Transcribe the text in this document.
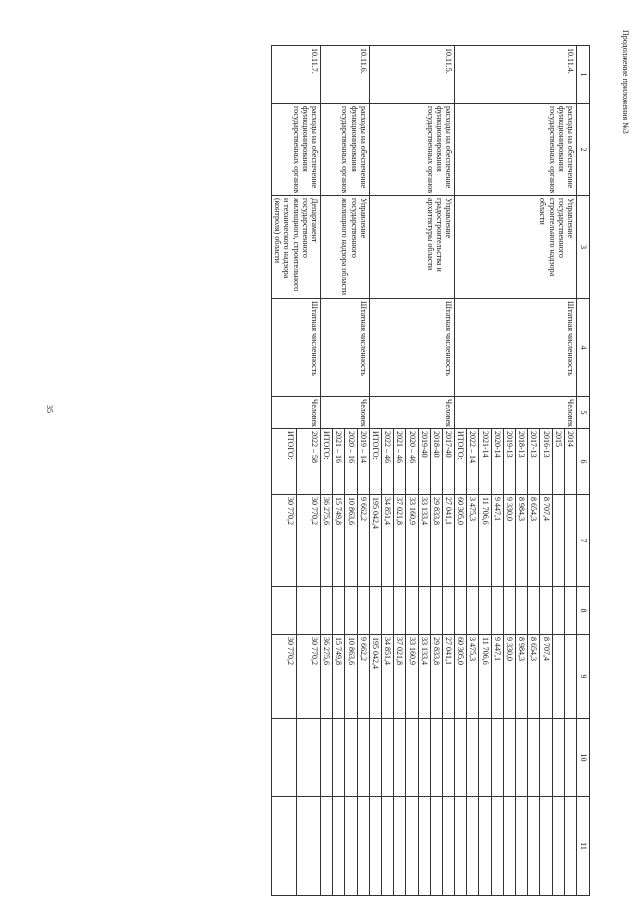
35
Продолжение приложения №3
1	2	3	4	5	6	7	8	9	10	11
10.11.4.	расходы на обеспечение функционирования государственных органов	Управление государственного строительного надзора области	Штатная численность	Человек	2014					
					2015					
					2016-13	8 707,4		8 707,4		
					2017-13	8 654,3		8 654,3		
					2018-13	8 984,3		8 984,3		
					2019-13	9 330,0		9 330,0		
					2020-14	9 447,1		9 447,1		
					2021-14	11 706,6		11 706,6		
					2022 – 14	3 475,3		3 475,3		
					ИТОГО:	60 305,0		60 305,0		
10.11.5.	расходы на обеспечение функционирования государственных органов	Управление градостроительства и архитектуры области	Штатная численность	Человек	2017-40	27 041,1		27 041,1		
					2018-40	29 833,8		29 833,8		
					2019-40	33 133,4		33 133,4		
					2020 – 46	33 160,9		33 160,9		
					2021 – 46	37 021,8		37 021,8		
					2022 – 46	34 851,4		34 851,4		
					ИТОГО:	195 042,4		195 042,4		
10.11.6.	расходы на обеспечение функционирования государственных органов	Управление государственного жилищного надзора области	Штатная численность	Человек	2019 – 14	9 662,2		9 662,2		
					2020 – 16	10 863,6		10 863,6		
					2021 – 16	15 749,8		15 749,8		
					ИТОГО:	36 275,6		36 275,6		
10.11.7.	расходы на обеспечение функционирования государственных органов	Департамент государственного жилищного, строительного и технического надзора (контроля) области	Штатная численность	Человек	2022 – 58	30 770,2		30 770,2		
					ИТОГО:	30 770,2		30 770,2		
